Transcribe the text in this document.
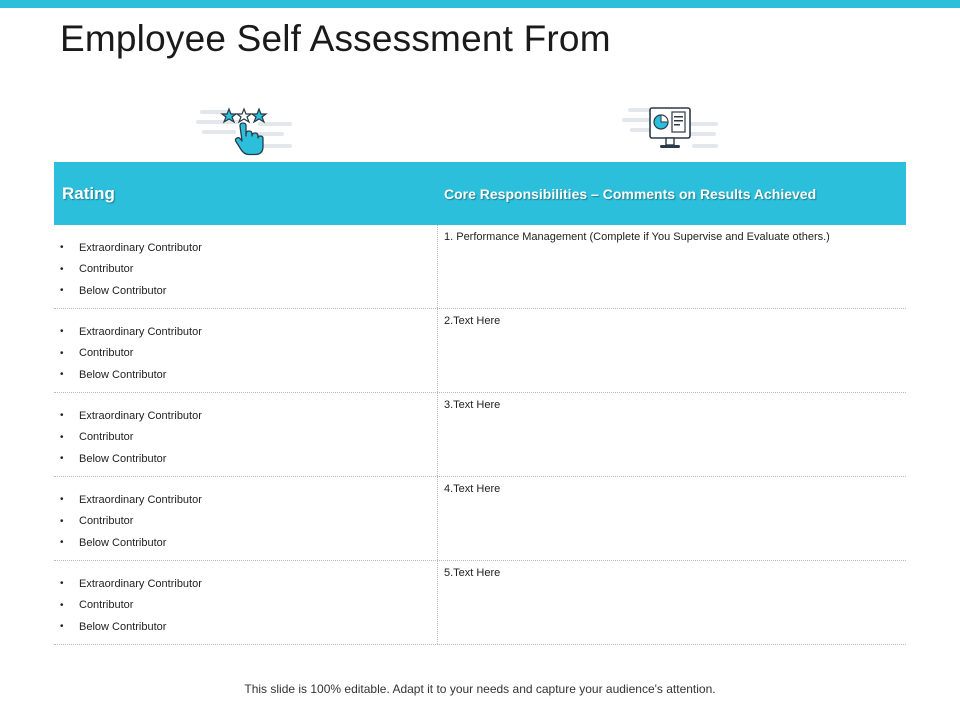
Employee Self Assessment From
Rating	Core Responsibilities – Comments on Results Achieved
•	Extraordinary Contributor
•	Contributor
•	Below Contributor
1. Performance Management (Complete if You Supervise and Evaluate others.)
•	Extraordinary Contributor
•	Contributor
•	Below Contributor
2.Text Here
•	Extraordinary Contributor
•	Contributor
•	Below Contributor
3.Text Here
•	Extraordinary Contributor
•	Contributor
•	Below Contributor
4.Text Here
•	Extraordinary Contributor
•	Contributor
•	Below Contributor
5.Text Here
This slide is 100% editable. Adapt it to your needs and capture your audience's attention.
